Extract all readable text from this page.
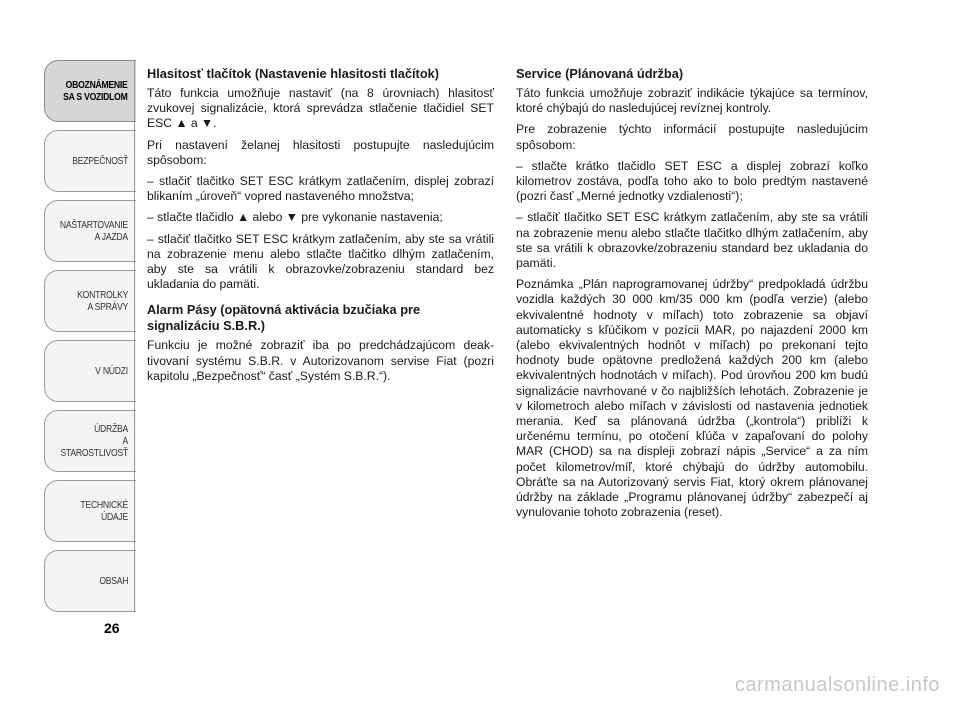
OBOZNÁMENIE
SA S VOZIDLOM
BEZPEČNOSŤ
NAŠTARTOVANIE
A JAZDA
KONTROLKY
A SPRÁVY
V NÚDZI
ÚDRŽBA
A STAROSTLIVOSŤ
TECHNICKÉ
ÚDAJE
OBSAH
26
Hlasitosť tlačítok (Nastavenie hlasitosti tlačítok)

Táto funkcia umožňuje nastaviť (na 8 úrovniach) hlasitosť zvukovej signalizácie, ktorá sprevádza stlačenie tlačidiel SET ESC ▲ a ▼.

Pri nastavení želanej hlasitosti postupujte nasledujúcim spôsobom:

– stlačiť tlačitko SET ESC krátkym zatlačením, displej zobrazí blikaním „úroveň“ vopred nastaveného množstva;

– stlačte tlačidlo ▲ alebo ▼ pre vykonanie nastavenia;

– stlačiť tlačitko SET ESC krátkym zatlačením, aby ste sa vrátili na zobrazenie menu alebo stlačte tlačitko dlhým zatlačením, aby ste sa vrátili k obrazovke/zobrazeniu standard bez ukladania do pamäti.

Alarm Pásy (opätovná aktivácia bzučiaka pre signalizáciu S.B.R.)

Funkciu je možné zobraziť iba po predchádzajúcom deaktivovaní systému S.B.R. v Autorizovanom servise Fiat (pozri kapitolu „Bezpečnosť“ časť „Systém S.B.R.“).

Service (Plánovaná údržba)

Táto funkcia umožňuje zobraziť indikácie týkajúce sa termínov, ktoré chýbajú do nasledujúcej revíznej kontroly.

Pre zobrazenie týchto informácií postupujte nasledujúcim spôsobom:

– stlačte krátko tlačidlo SET ESC a displej zobrazí koľko kilometrov zostáva, podľa toho ako to bolo predtým nastavené (pozri časť „Merné jednotky vzdialenosti“);

– stlačiť tlačitko SET ESC krátkym zatlačením, aby ste sa vrátili na zobrazenie menu alebo stlačte tlačitko dlhým zatlačením, aby ste sa vrátili k obrazovke/zobrazeniu standard bez ukladania do pamäti.

Poznámka „Plán naprogramovanej údržby“ predpokladá údržbu vozidla každých 30 000 km/35 000 km (podľa verzie) (alebo ekvivalentné hodnoty v míľach) toto zobrazenie sa objaví automaticky s kľúčikom v pozícii MAR, po najazdení 2000 km (alebo ekvivalentných hodnôt v míľach) po prekonaní tejto hodnoty bude opätovne predložená každých 200 km (alebo ekvivalentných hodnotách v míľach). Pod úrovňou 200 km budú signalizácie navrhované v čo najbližších lehotách. Zobrazenie je v kilometroch alebo míľach v závislosti od nastavenia jednotiek merania. Keď sa plánovaná údržba („kontrola“) priblíži k určenému termínu, po otočení kľúča v zapaľovaní do polohy MAR (CHOD) sa na displeji zobrazí nápis „Service“ a za ním počet kilometrov/míľ, ktoré chýbajú do údržby automobilu. Obráťte sa na Autorizovaný servis Fiat, ktorý okrem plánovanej údržby na základe „Programu plánovanej údržby“ zabezpečí aj vynulovanie tohoto zobrazenia (reset).

carmanualsonline.info
